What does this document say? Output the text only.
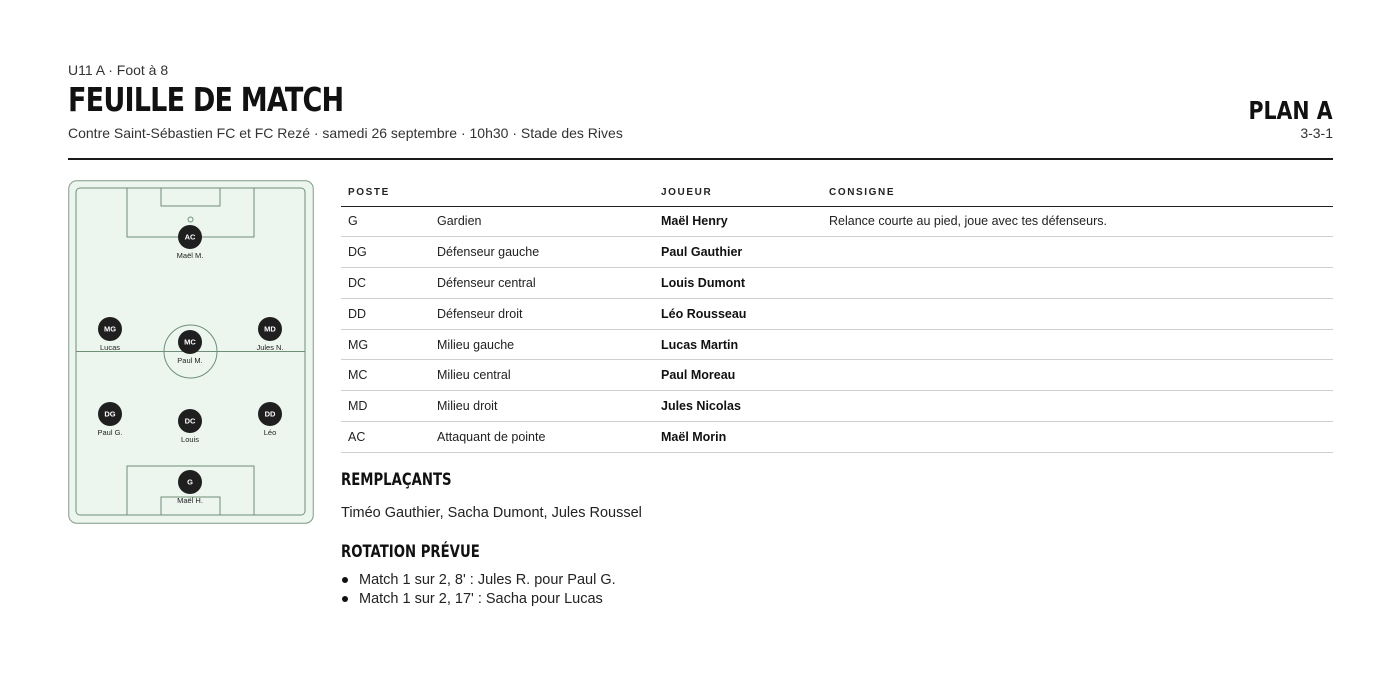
U11 A · Foot à 8
FEUILLE DE MATCH
Contre Saint-Sébastien FC et FC Rezé · samedi 26 septembre · 10h30 · Stade des Rives
PLAN A
3-3-1
AC
Maël M.
MG
Lucas
MC
Paul M.
MD
Jules N.
DG
Paul G.
DC
Louis
DD
Léo
G
Maël H.
POSTE		JOUEUR	CONSIGNE
G	Gardien	Maël Henry	Relance courte au pied, joue avec tes défenseurs.
DG	Défenseur gauche	Paul Gauthier	
DC	Défenseur central	Louis Dumont	
DD	Défenseur droit	Léo Rousseau	
MG	Milieu gauche	Lucas Martin	
MC	Milieu central	Paul Moreau	
MD	Milieu droit	Jules Nicolas	
AC	Attaquant de pointe	Maël Morin	
REMPLAÇANTS
Timéo Gauthier, Sacha Dumont, Jules Roussel
ROTATION PRÉVUE
Match 1 sur 2, 8' : Jules R. pour Paul G.
Match 1 sur 2, 17' : Sacha pour Lucas
